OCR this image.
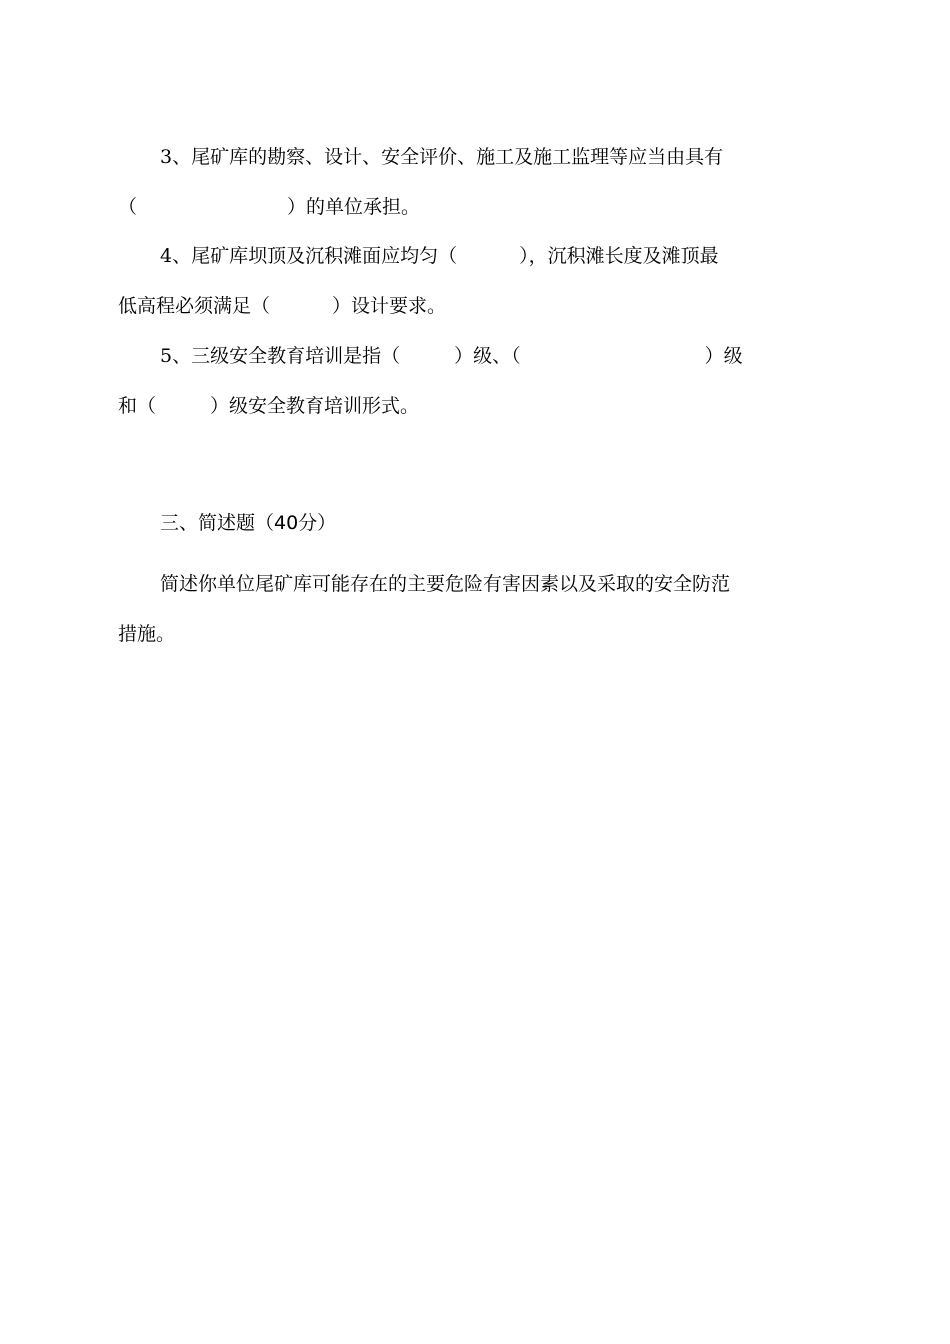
3、尾矿库的勘察、设计、安全评价、施工及施工监理等应当由具有
（	）的单位承担。
4、尾矿库坝顶及沉积滩面应均匀（	），沉积滩长度及滩顶最
低高程必须满足（	）设计要求。
5、三级安全教育培训是指（	）级、（	）级
和（	）级安全教育培训形式。
三、简述题（40分）
简述你单位尾矿库可能存在的主要危险有害因素以及采取的安全防范
措施。
